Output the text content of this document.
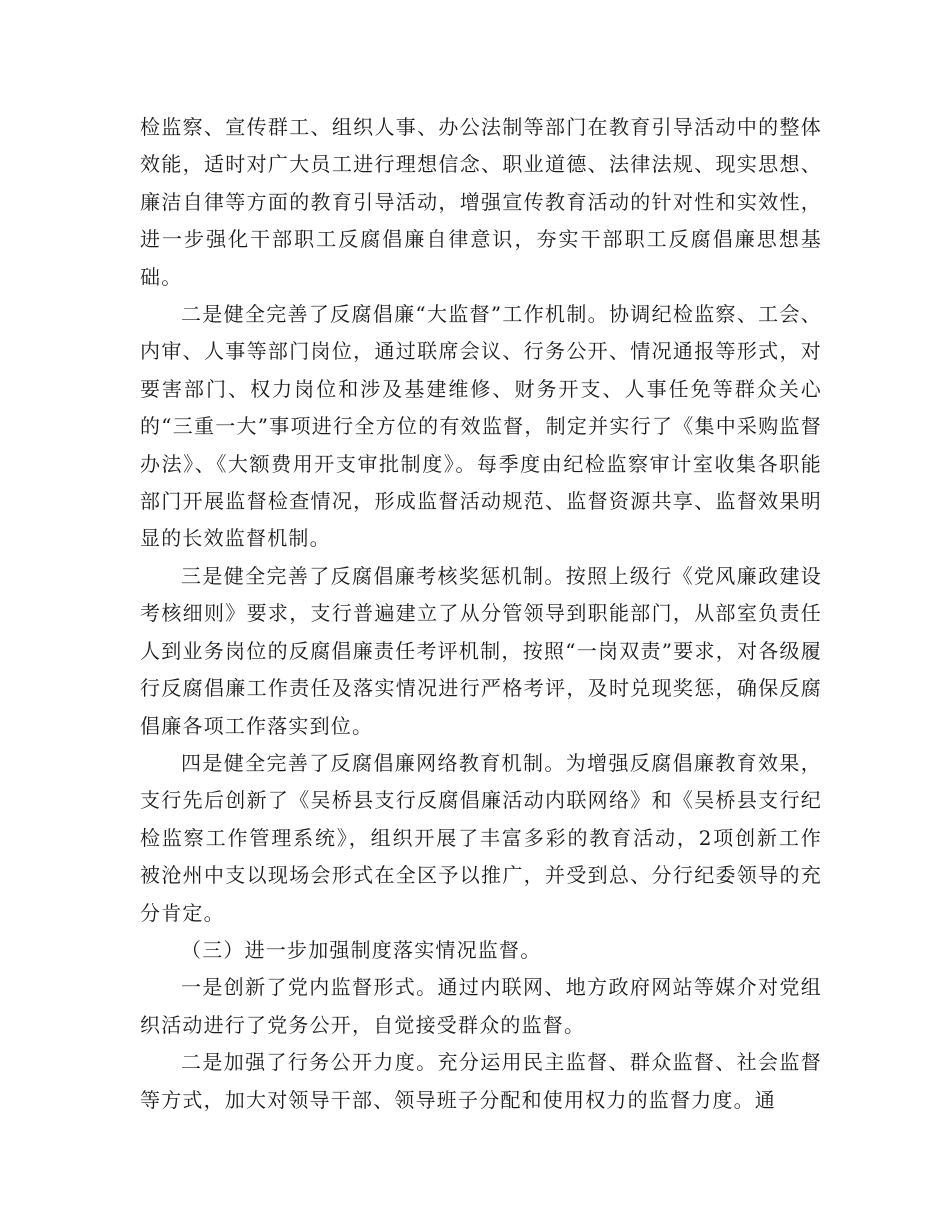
检监察、宣传群工、组织人事、办公法制等部门在教育引导活动中的整体效能，适时对广大员工进行理想信念、职业道德、法律法规、现实思想、廉洁自律等方面的教育引导活动，增强宣传教育活动的针对性和实效性，进一步强化干部职工反腐倡廉自律意识，夯实干部职工反腐倡廉思想基础。

二是健全完善了反腐倡廉“大监督”工作机制。协调纪检监察、工会、内审、人事等部门岗位，通过联席会议、行务公开、情况通报等形式，对要害部门、权力岗位和涉及基建维修、财务开支、人事任免等群众关心的“三重一大”事项进行全方位的有效监督，制定并实行了《集中采购监督办法》、《大额费用开支审批制度》。每季度由纪检监察审计室收集各职能部门开展监督检查情况，形成监督活动规范、监督资源共享、监督效果明显的长效监督机制。

三是健全完善了反腐倡廉考核奖惩机制。按照上级行《党风廉政建设考核细则》要求，支行普遍建立了从分管领导到职能部门，从部室负责任人到业务岗位的反腐倡廉责任考评机制，按照“一岗双责”要求，对各级履行反腐倡廉工作责任及落实情况进行严格考评，及时兑现奖惩，确保反腐倡廉各项工作落实到位。

四是健全完善了反腐倡廉网络教育机制。为增强反腐倡廉教育效果，支行先后创新了《吴桥县支行反腐倡廉活动内联网络》和《吴桥县支行纪检监察工作管理系统》，组织开展了丰富多彩的教育活动，2项创新工作被沧州中支以现场会形式在全区予以推广，并受到总、分行纪委领导的充分肯定。

（三）进一步加强制度落实情况监督。

一是创新了党内监督形式。通过内联网、地方政府网站等媒介对党组织活动进行了党务公开，自觉接受群众的监督。

二是加强了行务公开力度。充分运用民主监督、群众监督、社会监督等方式，加大对领导干部、领导班子分配和使用权力的监督力度。通
